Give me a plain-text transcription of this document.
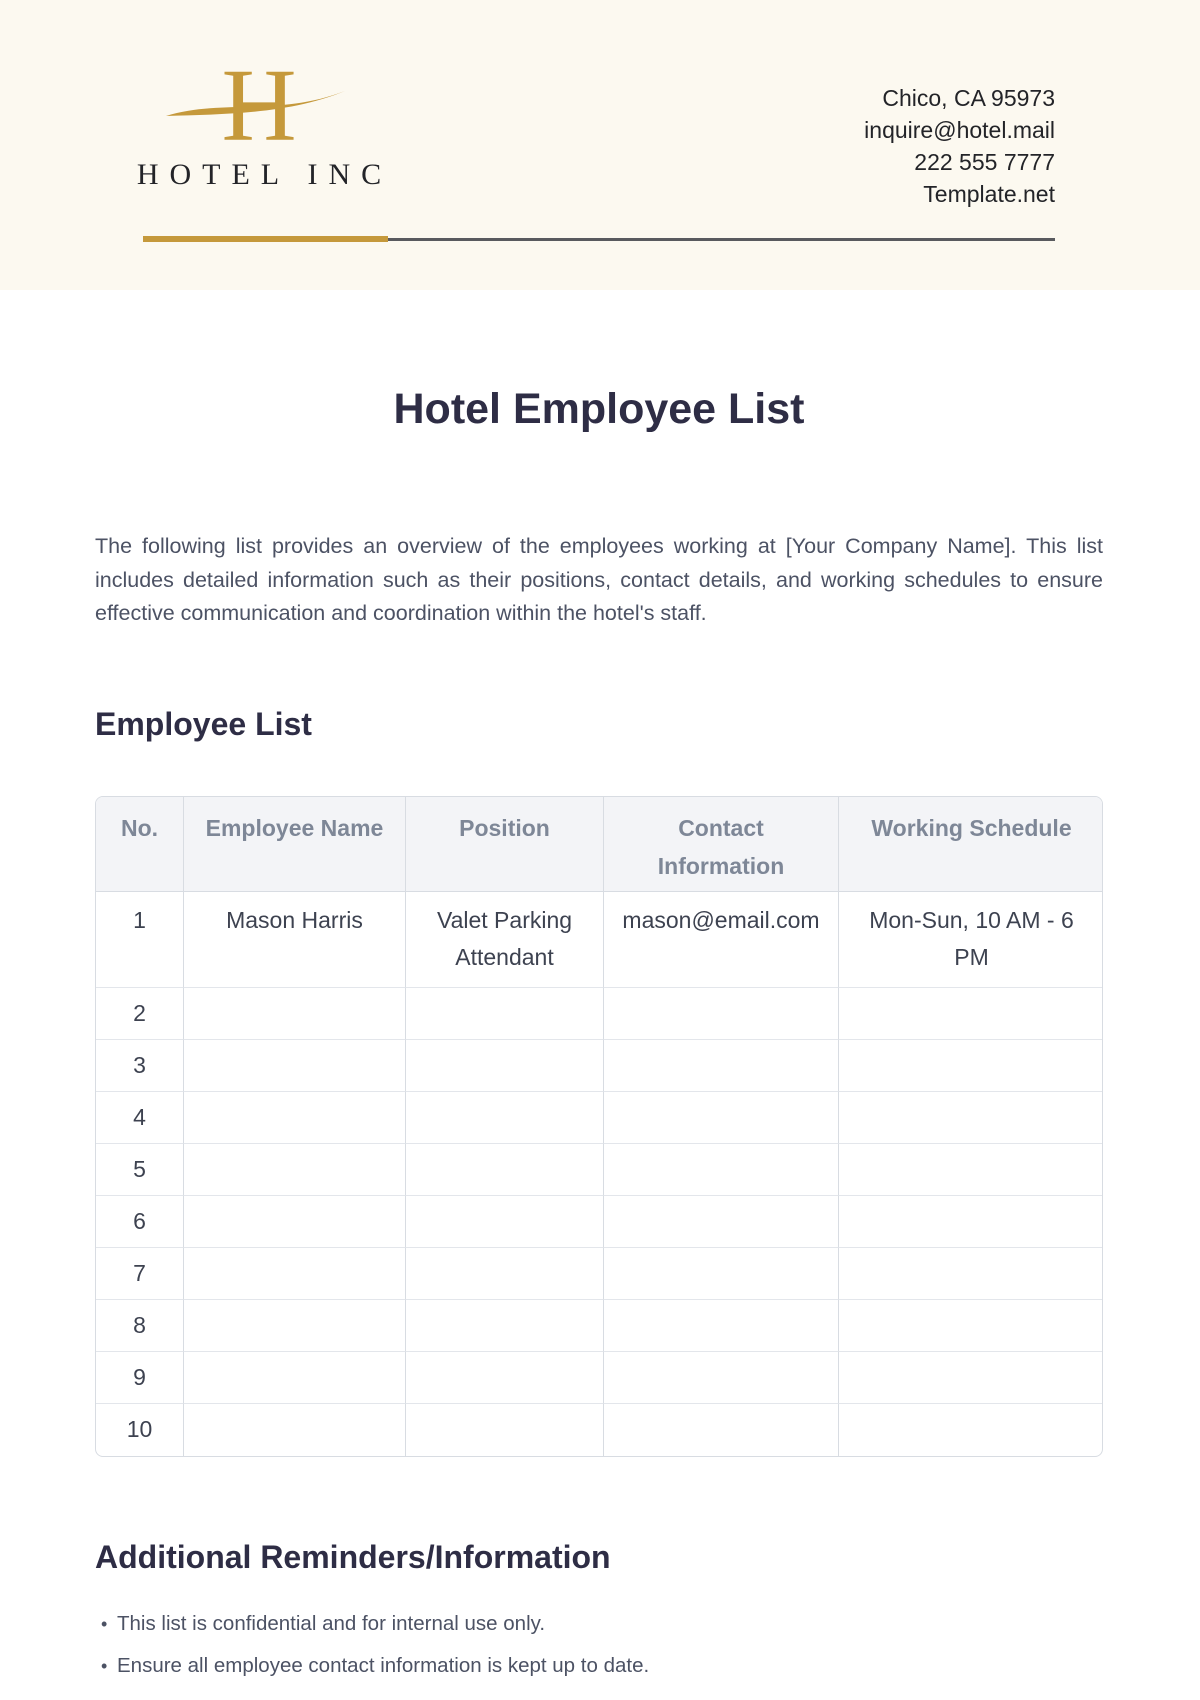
H
HOTEL INC
Chico, CA 95973
inquire@hotel.mail
222 555 7777
Template.net
Hotel Employee List

The following list provides an overview of the employees working at [Your Company Name]. This list includes detailed information such as their positions, contact details, and working schedules to ensure effective communication and coordination within the hotel's staff.

Employee List
No.	Employee Name	Position	Contact Information	Working Schedule
1	Mason Harris	Valet Parking Attendant	mason@email.com	Mon-Sun, 10 AM - 6 PM
2				
3				
4				
5				
6				
7				
8				
9				
10				
Additional Reminders/Information
• This list is confidential and for internal use only.
• Ensure all employee contact information is kept up to date.
